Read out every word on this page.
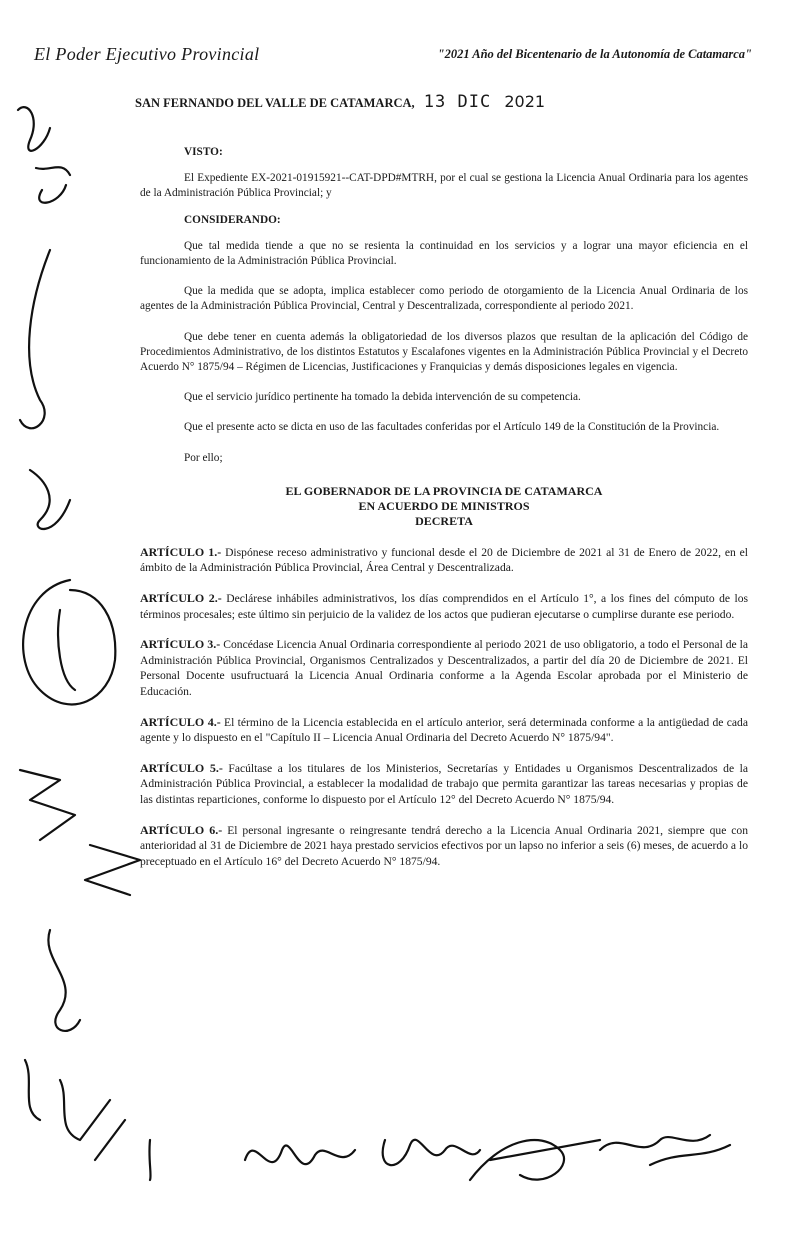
El Poder Ejecutivo Provincial	"2021 Año del Bicentenario de la Autonomía de Catamarca"
SAN FERNANDO DEL VALLE DE CATAMARCA, 13 DIC 2021

VISTO:

El Expediente EX-2021-01915921--CAT-DPD#MTRH, por el cual se gestiona la Licencia Anual Ordinaria para los agentes de la Administración Pública Provincial; y

CONSIDERANDO:

Que tal medida tiende a que no se resienta la continuidad en los servicios y a lograr una mayor eficiencia en el funcionamiento de la Administración Pública Provincial.

Que la medida que se adopta, implica establecer como periodo de otorgamiento de la Licencia Anual Ordinaria de los agentes de la Administración Pública Provincial, Central y Descentralizada, correspondiente al periodo 2021.

Que debe tener en cuenta además la obligatoriedad de los diversos plazos que resultan de la aplicación del Código de Procedimientos Administrativo, de los distintos Estatutos y Escalafones vigentes en la Administración Pública Provincial y el Decreto Acuerdo N° 1875/94 – Régimen de Licencias, Justificaciones y Franquicias y demás disposiciones legales en vigencia.

Que el servicio jurídico pertinente ha tomado la debida intervención de su competencia.

Que el presente acto se dicta en uso de las facultades conferidas por el Artículo 149 de la Constitución de la Provincia.

Por ello;

EL GOBERNADOR DE LA PROVINCIA DE CATAMARCA
EN ACUERDO DE MINISTROS
DECRETA

ARTÍCULO 1.- Dispónese receso administrativo y funcional desde el 20 de Diciembre de 2021 al 31 de Enero de 2022, en el ámbito de la Administración Pública Provincial, Área Central y Descentralizada.

ARTÍCULO 2.- Declárese inhábiles administrativos, los días comprendidos en el Artículo 1°, a los fines del cómputo de los términos procesales; este último sin perjuicio de la validez de los actos que pudieran ejecutarse o cumplirse durante ese periodo.

ARTÍCULO 3.- Concédase Licencia Anual Ordinaria correspondiente al periodo 2021 de uso obligatorio, a todo el Personal de la Administración Pública Provincial, Organismos Centralizados y Descentralizados, a partir del día 20 de Diciembre de 2021. El Personal Docente usufructuará la Licencia Anual Ordinaria conforme a la Agenda Escolar aprobada por el Ministerio de Educación.

ARTÍCULO 4.- El término de la Licencia establecida en el artículo anterior, será determinada conforme a la antigüedad de cada agente y lo dispuesto en el "Capítulo II – Licencia Anual Ordinaria del Decreto Acuerdo N° 1875/94".

ARTÍCULO 5.- Facúltase a los titulares de los Ministerios, Secretarías y Entidades u Organismos Descentralizados de la Administración Pública Provincial, a establecer la modalidad de trabajo que permita garantizar las tareas necesarias y propias de las distintas reparticiones, conforme lo dispuesto por el Artículo 12° del Decreto Acuerdo N° 1875/94.

ARTÍCULO 6.- El personal ingresante o reingresante tendrá derecho a la Licencia Anual Ordinaria 2021, siempre que con anterioridad al 31 de Diciembre de 2021 haya prestado servicios efectivos por un lapso no inferior a seis (6) meses, de acuerdo a lo preceptuado en el Artículo 16° del Decreto Acuerdo N° 1875/94.
